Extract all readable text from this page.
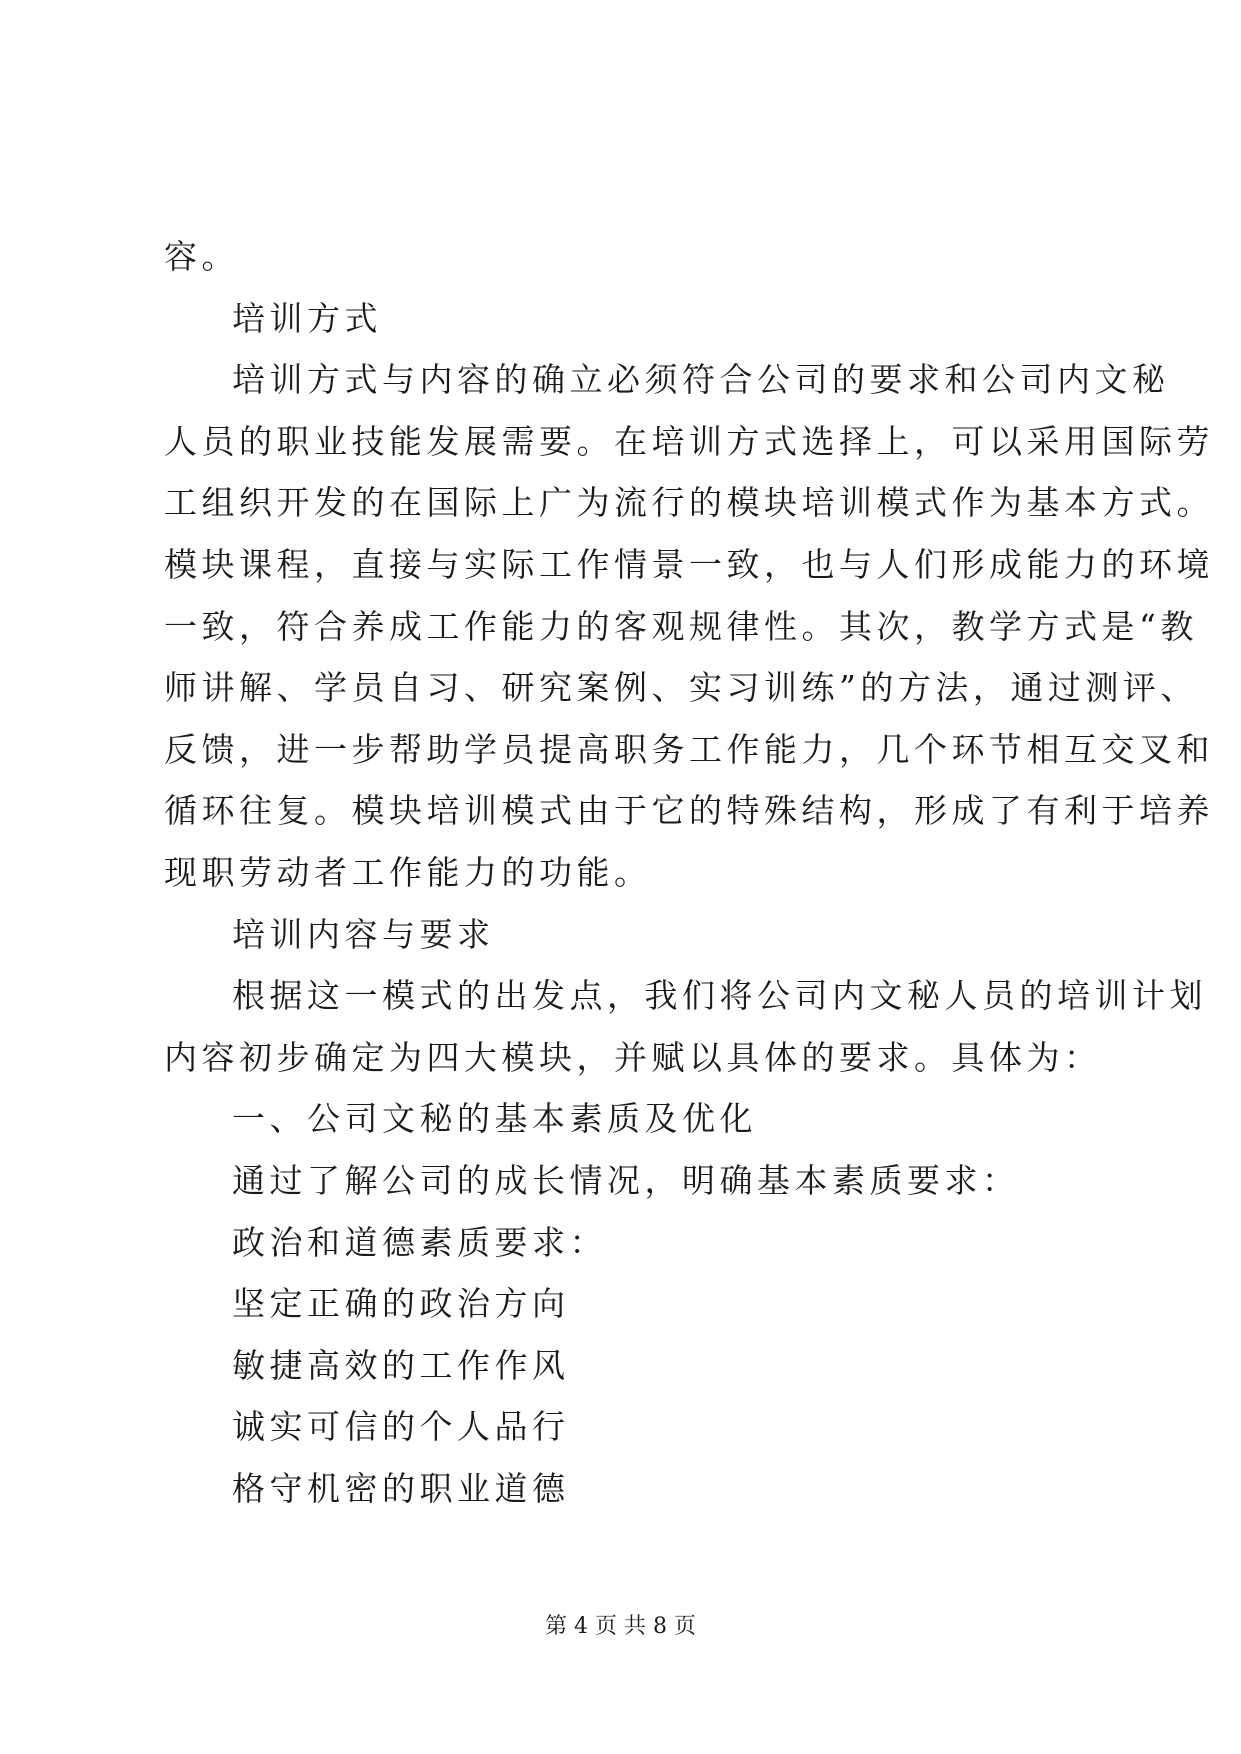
容。
培训方式
培训方式与内容的确立必须符合公司的要求和公司内文秘
人员的职业技能发展需要。在培训方式选择上，可以采用国际劳
工组织开发的在国际上广为流行的模块培训模式作为基本方式。
模块课程，直接与实际工作情景一致，也与人们形成能力的环境
一致，符合养成工作能力的客观规律性。其次，教学方式是“教
师讲解、学员自习、研究案例、实习训练”的方法，通过测评、
反馈，进一步帮助学员提高职务工作能力，几个环节相互交叉和
循环往复。模块培训模式由于它的特殊结构，形成了有利于培养
现职劳动者工作能力的功能。
培训内容与要求
根据这一模式的出发点，我们将公司内文秘人员的培训计划
内容初步确定为四大模块，并赋以具体的要求。具体为：
一、公司文秘的基本素质及优化
通过了解公司的成长情况，明确基本素质要求：
政治和道德素质要求：
坚定正确的政治方向
敏捷高效的工作作风
诚实可信的个人品行
格守机密的职业道德
第 4 页 共 8 页
